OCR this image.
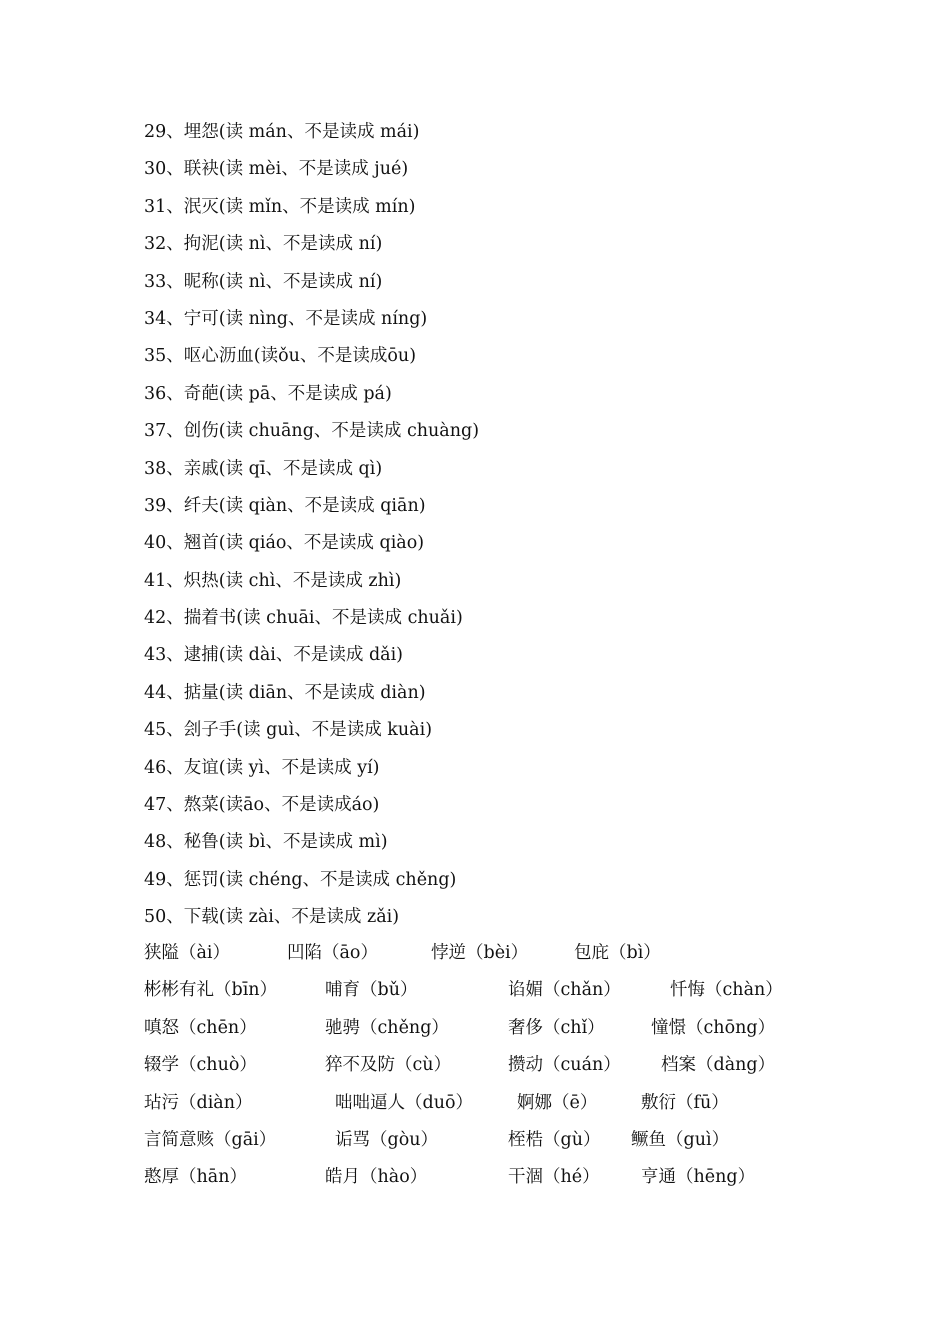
29、埋怨(读 mán、不是读成 mái)
30、联袂(读 mèi、不是读成 jué)
31、泯灭(读 mǐn、不是读成 mín)
32、拘泥(读 nì、不是读成 ní)
33、昵称(读 nì、不是读成 ní)
34、宁可(读 nìng、不是读成 níng)
35、呕心沥血(读ǒu、不是读成ōu)
36、奇葩(读 pā、不是读成 pá)
37、创伤(读 chuāng、不是读成 chuàng)
38、亲戚(读 qī、不是读成 qì)
39、纤夫(读 qiàn、不是读成 qiān)
40、翘首(读 qiáo、不是读成 qiào)
41、炽热(读 chì、不是读成 zhì)
42、揣着书(读 chuāi、不是读成 chuǎi)
43、逮捕(读 dài、不是读成 dǎi)
44、掂量(读 diān、不是读成 diàn)
45、刽子手(读 guì、不是读成 kuài)
46、友谊(读 yì、不是读成 yí)
47、熬菜(读āo、不是读成áo)
48、秘鲁(读 bì、不是读成 mì)
49、惩罚(读 chéng、不是读成 chěng)
50、下载(读 zài、不是读成 zǎi)
狭隘（ài）	凹陷（āo）	悖逆（bèi）	包庇（bì）
彬彬有礼（bīn）	哺育（bǔ）	谄媚（chǎn）	忏悔（chàn）
嗔怒（chēn）	驰骋（chěng）	奢侈（chǐ）	憧憬（chōng）
辍学（chuò）	猝不及防（cù）	攒动（cuán） 档案（dàng）
玷污（diàn）	咄咄逼人（duō）	婀娜（ē） 敷衍（fū）
言简意赅（gāi）	诟骂（gòu）	桎梏（gù） 鳜鱼（guì）
憨厚（hān）	皓月（hào）	干涸（hé） 亨通（hēng）
